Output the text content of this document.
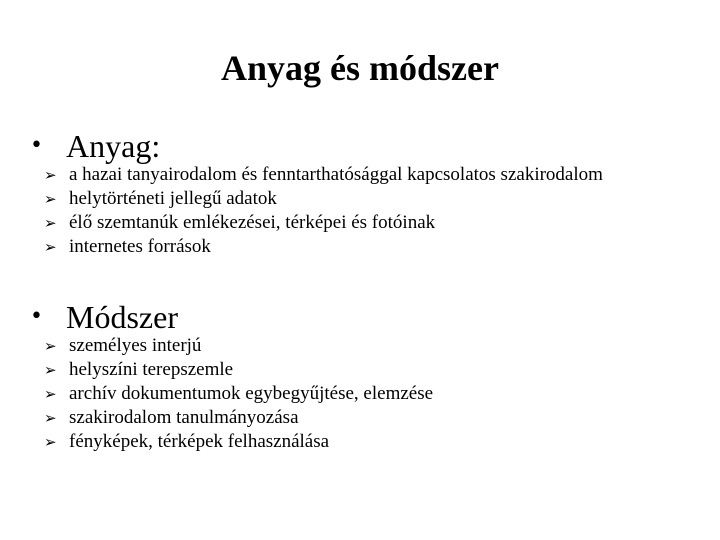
Anyag és módszer
• Anyag:
➢ a hazai tanyairodalom és fenntarthatósággal kapcsolatos szakirodalom
➢ helytörténeti jellegű adatok
➢ élő szemtanúk emlékezései, térképei és fotóinak
➢ internetes források
• Módszer
➢ személyes interjú
➢ helyszíni terepszemle
➢ archív dokumentumok egybegyűjtése, elemzése
➢ szakirodalom tanulmányozása
➢ fényképek, térképek felhasználása
